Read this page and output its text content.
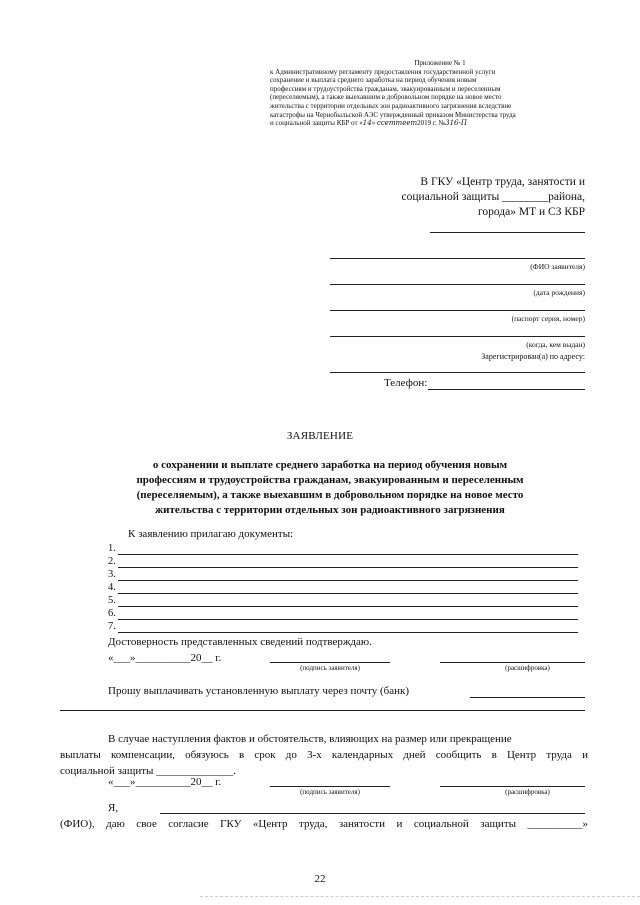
Приложение № 1
к Административному регламенту предоставления государственной услуги
сохранение и выплата среднего заработка на период обучения новым
профессиям и трудоустройства гражданам, эвакуированным и переселенным
(переселяемым), а также выехавшим в добровольном порядке на новое место
жительства с территории отдельных зон радиоактивного загрязнения вследствие
катастрофы на Чернобыльской АЭС утвержденный приказом Министерства труда
и социальной защиты КБР от «14» ссеттеет2019 г. №316-П
В ГКУ «Центр труда, занятости и
социальной защиты ________района,
города» МТ и СЗ КБР
(ФИО заявителя)
(дата рождения)
(паспорт серия, номер)
(когда, кем выдан)
Зарегистрирован(а) по адресу:
Телефон:
ЗАЯВЛЕНИЕ
о сохранении и выплате среднего заработка на период обучения новым
профессиям и трудоустройства гражданам, эвакуированным и переселенным
(переселяемым), а также выехавшим в добровольном порядке на новое место
жительства с территории отдельных зон радиоактивного загрязнения
К заявлению прилагаю документы:
1.
2.
3.
4.
5.
6.
7.
Достоверность представленных сведений подтверждаю.
«___»__________20__ г.
(подпись заявителя)	(расшифровка)
Прошу выплачивать установленную выплату через почту (банк)
В случае наступления фактов и обстоятельств, влияющих на размер или прекращение
выплаты компенсации, обязуюсь в срок до 3-х календарных дней сообщить в Центр труда и
социальной защиты ______________.
«___»__________20__ г.
(подпись заявителя)	(расшифровка)
Я,
(ФИО), даю свое согласие ГКУ «Центр труда, занятости и социальной защиты __________»
22
